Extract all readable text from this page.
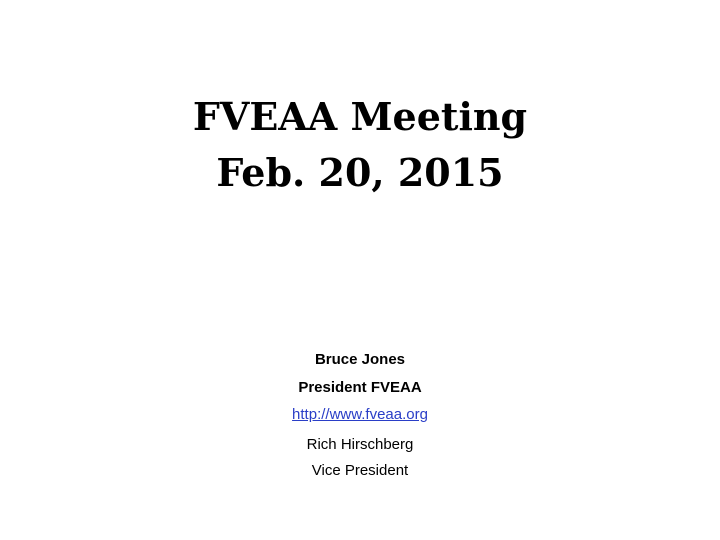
FVEAA Meeting
Feb. 20, 2015
Bruce Jones
President FVEAA
http://www.fveaa.org
Rich Hirschberg
Vice President
